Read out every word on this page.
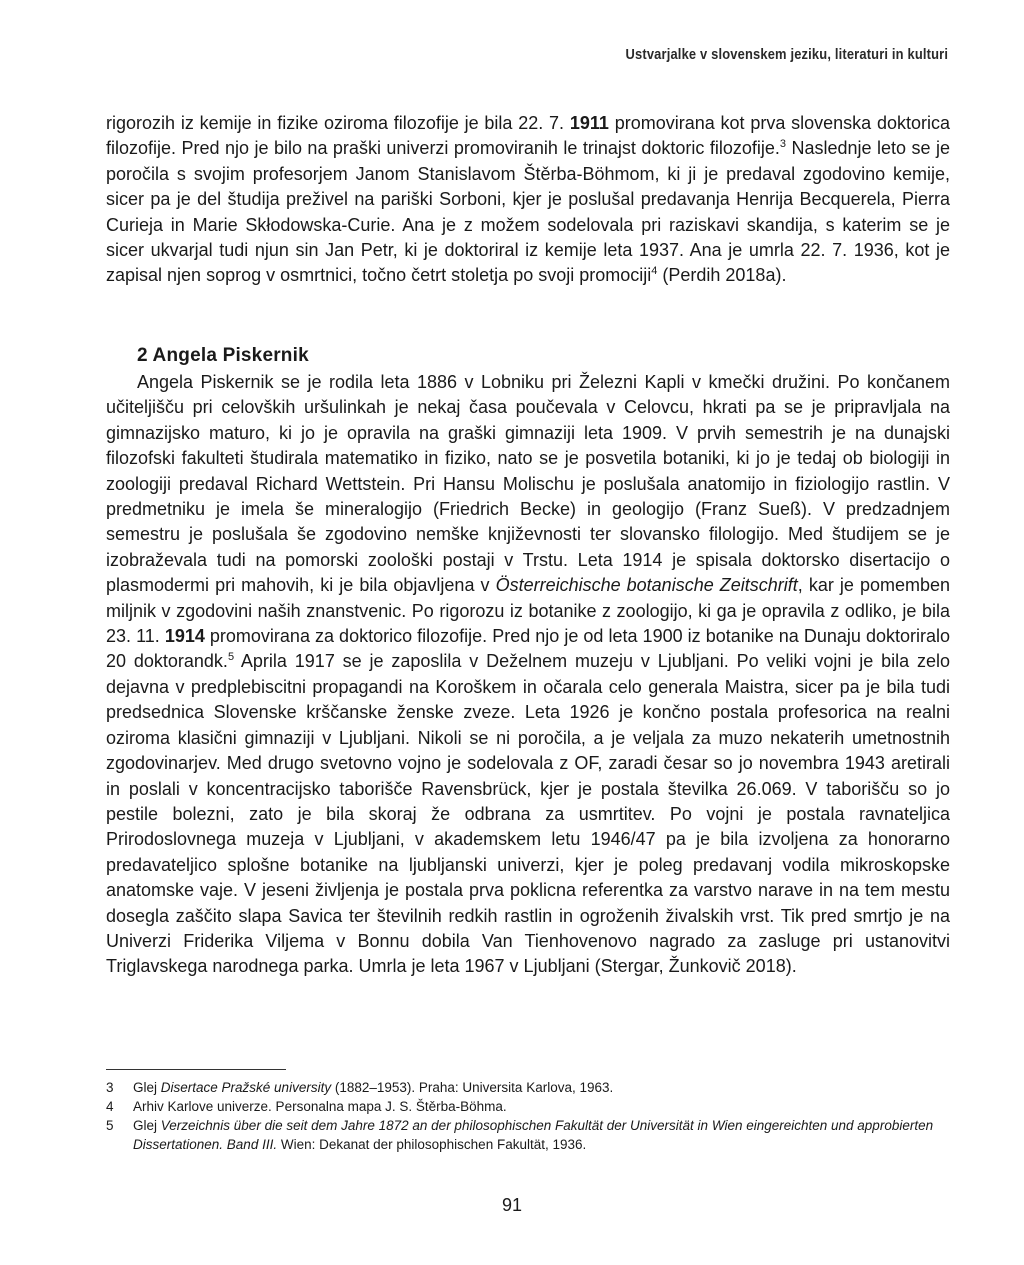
Ustvarjalke v slovenskem jeziku, literaturi in kulturi

rigorozih iz kemije in fizike oziroma filozofije je bila 22. 7. 1911 promovirana kot prva slovenska doktorica filozofije. Pred njo je bilo na praški univerzi promoviranih le trinajst doktoric filozofije.$^3$ Naslednje leto se je poročila s svojim profesorjem Janom Stanislavom Štěrba-Böhmom, ki ji je predaval zgodovino kemije, sicer pa je del študija preživel na pariški Sorboni, kjer je poslušal predavanja Henrija Becquerela, Pierra Curieja in Marie Skłodowska-Curie. Ana je z možem sodelovala pri raziskavi skandija, s katerim se je sicer ukvarjal tudi njun sin Jan Petr, ki je doktoriral iz kemije leta 1937. Ana je umrla 22. 7. 1936, kot je zapisal njen soprog v osmrtnici, točno četrt stoletja po svoji promociji$^4$ (Perdih 2018a).

2 Angela Piskernik

Angela Piskernik se je rodila leta 1886 v Lobniku pri Železni Kapli v kmečki družini. Po končanem učiteljišču pri celovških uršulinkah je nekaj časa poučevala v Celovcu, hkrati pa se je pripravljala na gimnazijsko maturo, ki jo je opravila na graški gimnaziji leta 1909. V prvih semestrih je na dunajski filozofski fakulteti študirala matematiko in fiziko, nato se je posvetila botaniki, ki jo je tedaj ob biologiji in zoologiji predaval Richard Wettstein. Pri Hansu Molischu je poslušala anatomijo in fiziologijo rastlin. V predmetniku je imela še mineralogijo (Friedrich Becke) in geologijo (Franz Sueß). V predzadnjem semestru je poslušala še zgodovino nemške književnosti ter slovansko filologijo. Med študijem se je izobraževala tudi na pomorski zoološki postaji v Trstu. Leta 1914 je spisala doktorsko disertacijo o plasmodermi pri mahovih, ki je bila objavljena v Österreichische botanische Zeitschrift, kar je pomemben miljnik v zgodovini naših znanstvenic. Po rigorozu iz botanike z zoologijo, ki ga je opravila z odliko, je bila 23. 11. 1914 promovirana za doktorico filozofije. Pred njo je od leta 1900 iz botanike na Dunaju doktoriralo 20 doktorandk.$^5$ Aprila 1917 se je zaposlila v Deželnem muzeju v Ljubljani. Po veliki vojni je bila zelo dejavna v predplebiscitni propagandi na Koroškem in očarala celo generala Maistra, sicer pa je bila tudi predsednica Slovenske krščanske ženske zveze. Leta 1926 je končno postala profesorica na realni oziroma klasični gimnaziji v Ljubljani. Nikoli se ni poročila, a je veljala za muzo nekaterih umetnostnih zgodovinarjev. Med drugo svetovno vojno je sodelovala z OF, zaradi česar so jo novembra 1943 aretirali in poslali v koncentracijsko taborišče Ravensbrück, kjer je postala številka 26.069. V taborišču so jo pestile bolezni, zato je bila skoraj že odbrana za usmrtitev. Po vojni je postala ravnateljica Prirodoslovnega muzeja v Ljubljani, v akademskem letu 1946/47 pa je bila izvoljena za honorarno predavateljico splošne botanike na ljubljanski univerzi, kjer je poleg predavanj vodila mikroskopske anatomske vaje. V jeseni življenja je postala prva poklicna referentka za varstvo narave in na tem mestu dosegla zaščito slapa Savica ter številnih redkih rastlin in ogroženih živalskih vrst. Tik pred smrtjo je na Univerzi Friderika Viljema v Bonnu dobila Van Tienhovenovo nagrado za zasluge pri ustanovitvi Triglavskega narodnega parka. Umrla je leta 1967 v Ljubljani (Stergar, Žunkovič 2018).

3	Glej Disertace Pražské university (1882–1953). Praha: Universita Karlova, 1963.
4	Arhiv Karlove univerze. Personalna mapa J. S. Štěrba-Böhma.
5	Glej Verzeichnis über die seit dem Jahre 1872 an der philosophischen Fakultät der Universität in Wien eingereichten und approbierten Dissertationen. Band III. Wien: Dekanat der philosophischen Fakultät, 1936.
91
